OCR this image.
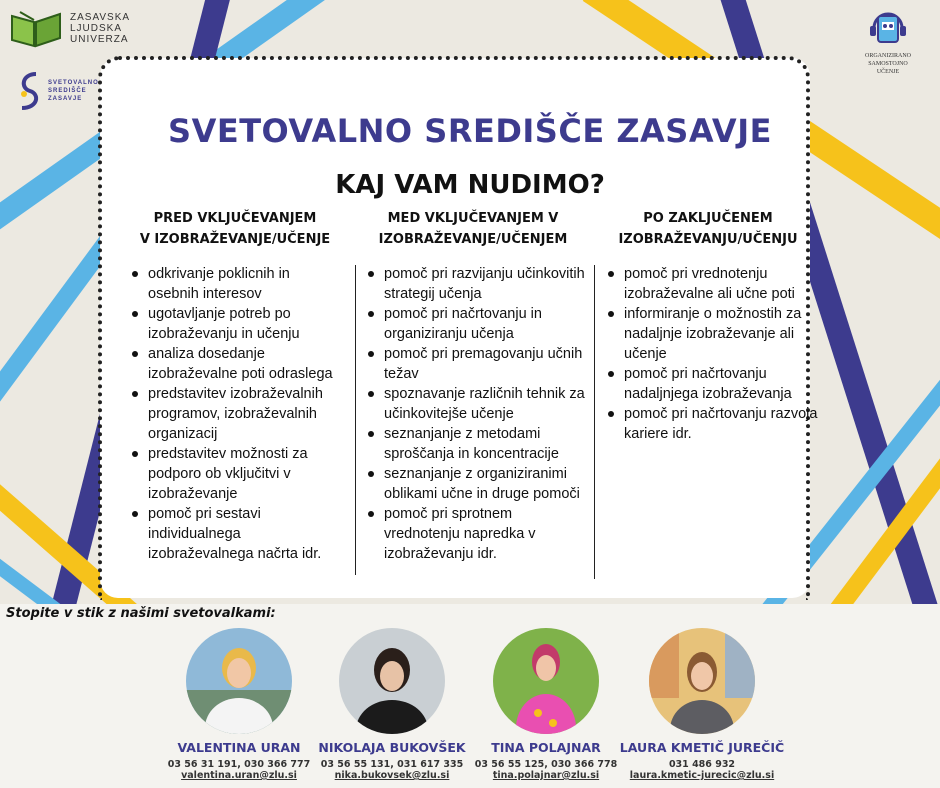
ZASAVSKA
LJUDSKA
UNIVERZA
SVETOVALNO
SREDIŠČE
ZASAVJE
ORGANIZIRANO
SAMOSTOJNO
UČENJE
SVETOVALNO SREDIŠČE ZASAVJE
KAJ VAM NUDIMO?
PRED VKLJUČEVANJEM
V IZOBRAŽEVANJE/UČENJE
MED VKLJUČEVANJEM V
IZOBRAŽEVANJE/UČENJEM
PO ZAKLJUČENEM
IZOBRAŽEVANJU/UČENJU
odkrivanje poklicnih in osebnih interesov
ugotavljanje potreb po izobraževanju in učenju
analiza dosedanje izobraževalne poti odraslega
predstavitev izobraževalnih programov, izobraževalnih organizacij
predstavitev možnosti za podporo ob vključitvi v izobraževanje
pomoč pri sestavi individualnega izobraževalnega načrta idr.
pomoč pri razvijanju učinkovitih strategij učenja
pomoč pri načrtovanju in organiziranju učenja
pomoč pri premagovanju učnih težav
spoznavanje različnih tehnik za učinkovitejše učenje
seznanjanje z metodami sproščanja in koncentracije
seznanjanje z organiziranimi oblikami učne in druge pomoči
pomoč pri sprotnem vrednotenju napredka v izobraževanju idr.
pomoč pri vrednotenju izobraževalne ali učne poti
informiranje o možnostih za nadaljnje izobraževanje ali učenje
pomoč pri načrtovanju nadaljnjega izobraževanja
pomoč pri načrtovanju razvoja kariere idr.
Stopite v stik z našimi svetovalkami:
VALENTINA URAN
03 56 31 191, 030 366 777
valentina.uran@zlu.si
NIKOLAJA BUKOVŠEK
03 56 55 131, 031 617 335
nika.bukovsek@zlu.si
TINA POLAJNAR
03 56 55 125, 030 366 778
tina.polajnar@zlu.si
LAURA KMETIČ JUREČIČ
031 486 932
laura.kmetic-jurecic@zlu.si
